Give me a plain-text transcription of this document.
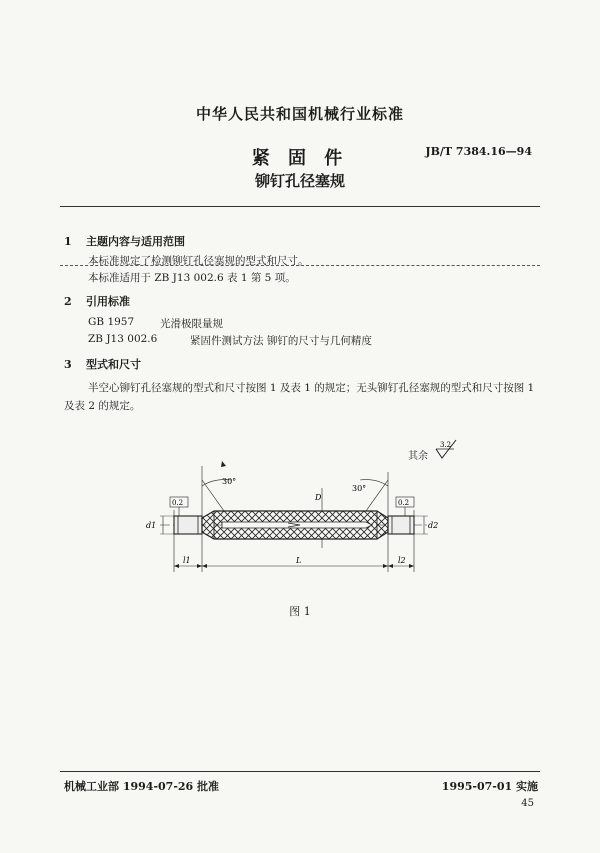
中华人民共和国机械行业标准
紧 固 件	JB/T 7384.16—94
铆钉孔径塞规
1 主题内容与适用范围
本标准规定了检测铆钉孔径塞规的型式和尺寸。
本标准适用于 ZB J13 002.6 表 1 第 5 项。
2 引用标准
GB 1957 光滑极限量规
ZB J13 002.6	紧固件测试方法 铆钉的尺寸与几何精度
3 型式和尺寸
半空心铆钉孔径塞规的型式和尺寸按图 1 及表 1 的规定；无头铆钉孔径塞规的型式和尺寸按图 1
及表 2 的规定。
其余
3.2
30°
30°
0.2	0.2
d1	d2
D
l1	L	l2
图 1
机械工业部 1994-07-26 批准	1995-07-01 实施
45
